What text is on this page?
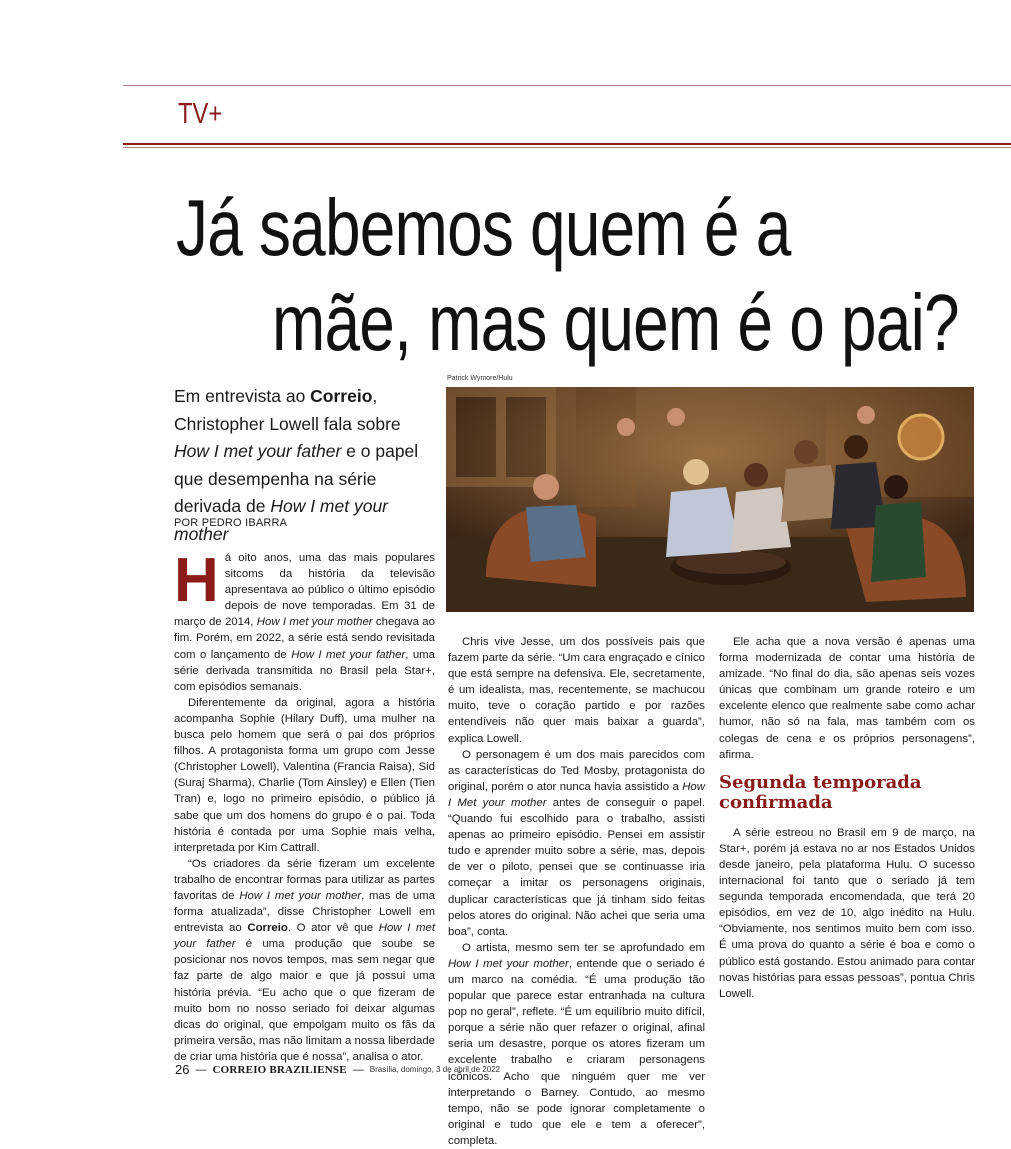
TV+
Já sabemos quem é a
mãe, mas quem é o pai?
Em entrevista ao Correio, Christopher Lowell fala sobre How I met your father e o papel que desempenha na série derivada de How I met your mother
POR PEDRO IBARRA
Patrick Wymore/Hulu

Há oito anos, uma das mais populares sitcoms da história da televisão apresentava ao público o último episódio depois de nove temporadas. Em 31 de março de 2014, How I met your mother chegava ao fim. Porém, em 2022, a série está sendo revisitada com o lançamento de How I met your father, uma série derivada transmitida no Brasil pela Star+, com episódios semanais.

Diferentemente da original, agora a história acompanha Sophie (Hilary Duff), uma mulher na busca pelo homem que será o pai dos próprios filhos. A protagonista forma um grupo com Jesse (Christopher Lowell), Valentina (Francia Raisa), Sid (Suraj Sharma), Charlie (Tom Ainsley) e Ellen (Tien Tran) e, logo no primeiro episódio, o público já sabe que um dos homens do grupo é o pai. Toda história é contada por uma Sophie mais velha, interpretada por Kim Cattrall.

“Os criadores da série fizeram um excelente trabalho de encontrar formas para utilizar as partes favoritas de How I met your mother, mas de uma forma atualizada”, disse Christopher Lowell em entrevista ao Correio. O ator vê que How I met your father é uma produção que soube se posicionar nos novos tempos, mas sem negar que faz parte de algo maior e que já possui uma história prévia. “Eu acho que o que fizeram de muito bom no nosso seriado foi deixar algumas dicas do original, que empolgam muito os fãs da primeira versão, mas não limitam a nossa liberdade de criar uma história que é nossa”, analisa o ator.

Chris vive Jesse, um dos possíveis pais que fazem parte da série. “Um cara engraçado e cínico que está sempre na defensiva. Ele, secretamente, é um idealista, mas, recentemente, se machucou muito, teve o coração partido e por razões entendíveis não quer mais baixar a guarda”, explica Lowell.

O personagem é um dos mais parecidos com as características do Ted Mosby, protagonista do original, porém o ator nunca havia assistido a How I Met your mother antes de conseguir o papel. “Quando fui escolhido para o trabalho, assisti apenas ao primeiro episódio. Pensei em assistir tudo e aprender muito sobre a série, mas, depois de ver o piloto, pensei que se continuasse iria começar a imitar os personagens originais, duplicar características que já tinham sido feitas pelos atores do original. Não achei que seria uma boa”, conta.

O artista, mesmo sem ter se aprofundado em How I met your mother, entende que o seriado é um marco na comédia. “É uma produção tão popular que parece estar entranhada na cultura pop no geral”, reflete. “É um equilíbrio muito difícil, porque a série não quer refazer o original, afinal seria um desastre, porque os atores fizeram um excelente trabalho e criaram personagens icônicos. Acho que ninguém quer me ver interpretando o Barney. Contudo, ao mesmo tempo, não se pode ignorar completamente o original e tudo que ele e tem a oferecer”, completa.

Ele acha que a nova versão é apenas uma forma modernizada de contar uma história de amizade. “No final do dia, são apenas seis vozes únicas que combinam um grande roteiro e um excelente elenco que realmente sabe como achar humor, não só na fala, mas também com os colegas de cena e os próprios personagens”, afirma.

Segunda temporada confirmada

A série estreou no Brasil em 9 de março, na Star+, porém já estava no ar nos Estados Unidos desde janeiro, pela plataforma Hulu. O sucesso internacional foi tanto que o seriado já tem segunda temporada encomendada, que terá 20 episódios, em vez de 10, algo inédito na Hulu. “Obviamente, nos sentimos muito bem com isso. É uma prova do quanto a série é boa e como o público está gostando. Estou animado para contar novas histórias para essas pessoas”, pontua Chris Lowell.

26 — CORREIO BRAZILIENSE — Brasília, domingo, 3 de abril de 2022
